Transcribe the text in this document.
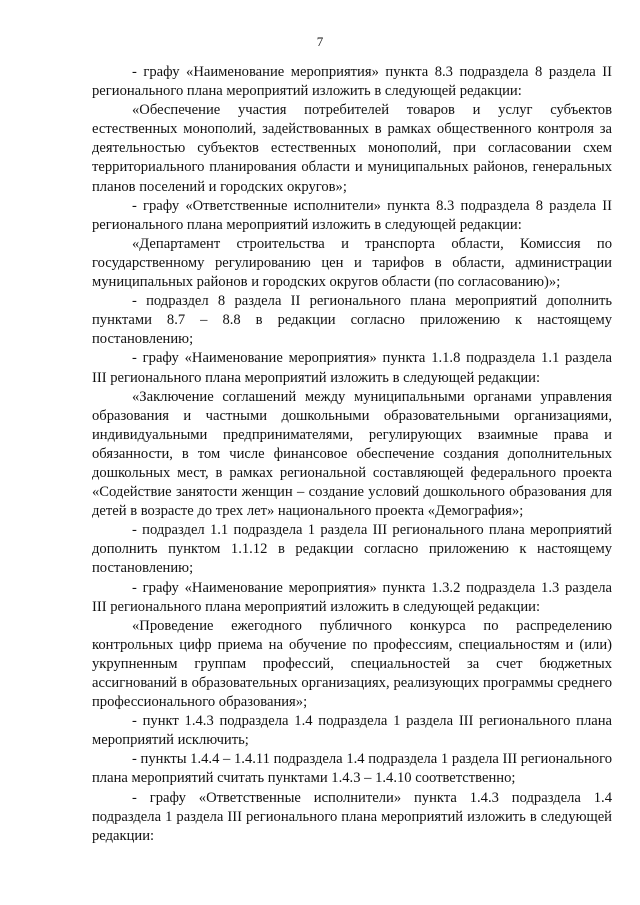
7

- графу «Наименование мероприятия» пункта 8.3 подраздела 8 раздела II регионального плана мероприятий изложить в следующей редакции:

«Обеспечение участия потребителей товаров и услуг субъектов естественных монополий, задействованных в рамках общественного контроля за деятельностью субъектов естественных монополий, при согласовании схем территориального планирования области и муниципальных районов, генеральных планов поселений и городских округов»;

- графу «Ответственные исполнители» пункта 8.3 подраздела 8 раздела II регионального плана мероприятий изложить в следующей редакции:

«Департамент строительства и транспорта области, Комиссия по государственному регулированию цен и тарифов в области, администрации муниципальных районов и городских округов области (по согласованию)»;

- подраздел 8 раздела II регионального плана мероприятий дополнить пунктами 8.7 – 8.8 в редакции согласно приложению к настоящему постановлению;

- графу «Наименование мероприятия» пункта 1.1.8 подраздела 1.1 раздела III регионального плана мероприятий изложить в следующей редакции:

«Заключение соглашений между муниципальными органами управления образования и частными дошкольными образовательными организациями, индивидуальными предпринимателями, регулирующих взаимные права и обязанности, в том числе финансовое обеспечение создания дополнительных дошкольных мест, в рамках региональной составляющей федерального проекта «Содействие занятости женщин – создание условий дошкольного образования для детей в возрасте до трех лет» национального проекта «Демография»;

- подраздел 1.1 подраздела 1 раздела III регионального плана мероприятий дополнить пунктом 1.1.12 в редакции согласно приложению к настоящему постановлению;

- графу «Наименование мероприятия» пункта 1.3.2 подраздела 1.3 раздела III регионального плана мероприятий изложить в следующей редакции:

«Проведение ежегодного публичного конкурса по распределению контрольных цифр приема на обучение по профессиям, специальностям и (или) укрупненным группам профессий, специальностей за счет бюджетных ассигнований в образовательных организациях, реализующих программы среднего профессионального образования»;

- пункт 1.4.3 подраздела 1.4 подраздела 1 раздела III регионального плана мероприятий исключить;

- пункты 1.4.4 – 1.4.11 подраздела 1.4 подраздела 1 раздела III регионального плана мероприятий считать пунктами 1.4.3 – 1.4.10 соответственно;

- графу «Ответственные исполнители» пункта 1.4.3 подраздела 1.4 подраздела 1 раздела III регионального плана мероприятий изложить в следующей редакции:
